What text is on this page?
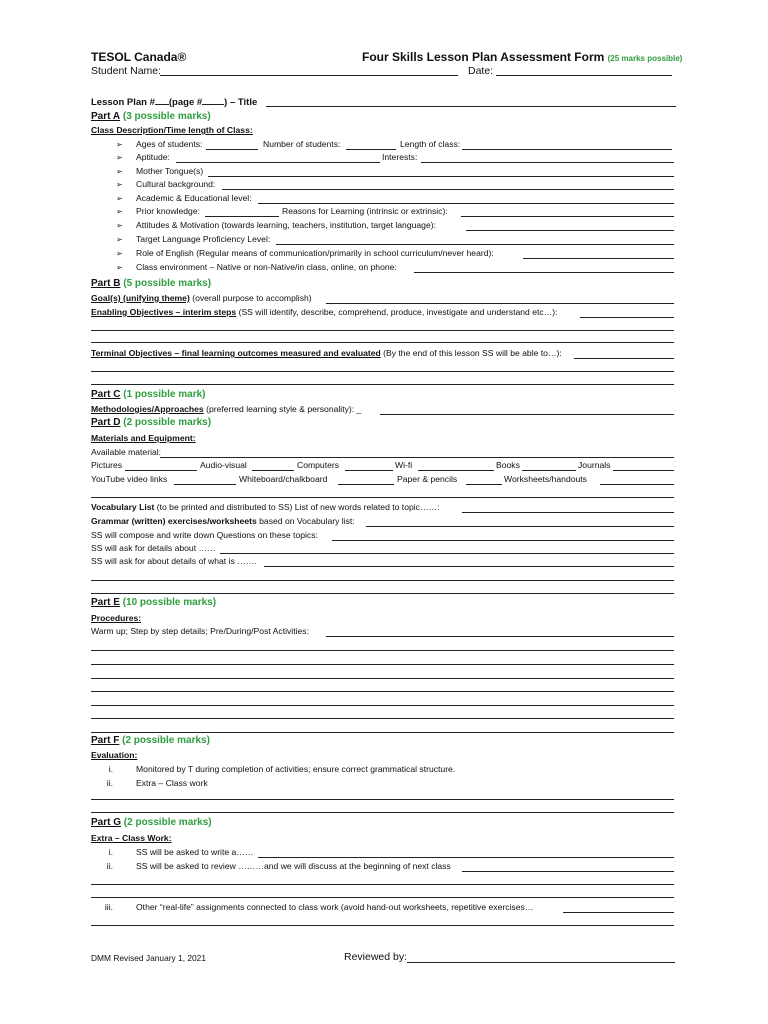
TESOL Canada®	Four Skills Lesson Plan Assessment Form (25 marks possible)
Student Name:	Date:
Lesson Plan # (page # ) – Title
Part A (3 possible marks)
Class Description/Time length of Class:
➢ Ages of students:	Number of students:	Length of class:
➢ Aptitude:	Interests:
➢ Mother Tongue(s)
➢ Cultural background:
➢ Academic & Educational level:
➢ Prior knowledge:	Reasons for Learning (intrinsic or extrinsic):
➢ Attitudes & Motivation (towards learning, teachers, institution, target language):
➢ Target Language Proficiency Level:
➢ Role of English (Regular means of communication/primarily in school curriculum/never heard):
➢ Class environment – Native or non-Native/in class, online, on phone:
Part B (5 possible marks)
Goal(s) (unifying theme) (overall purpose to accomplish)
Enabling Objectives – interim steps (SS will identify, describe, comprehend, produce, investigate and understand etc…):
Terminal Objectives – final learning outcomes measured and evaluated (By the end of this lesson SS will be able to…):
Part C (1 possible mark)
Methodologies/Approaches (preferred learning style & personality): _
Part D (2 possible marks)
Materials and Equipment:
Available material:
Pictures	Audio-visual	Computers	Wi-fi	Books	Journals
YouTube video links	Whiteboard/chalkboard	Paper & pencils	Worksheets/handouts
Vocabulary List (to be printed and distributed to SS) List of new words related to topic……:
Grammar (written) exercises/worksheets based on Vocabulary list:
SS will compose and write down Questions on these topics:
SS will ask for details about ……
SS will ask for about details of what is …….
Part E (10 possible marks)
Procedures:
Warm up; Step by step details; Pre/During/Post Activities:
Part F (2 possible marks)
Evaluation:
i.	Monitored by T during completion of activities; ensure correct grammatical structure.
ii.	Extra – Class work
Part G (2 possible marks)
Extra – Class Work:
i.	SS will be asked to write a……
ii.	SS will be asked to review ………and we will discuss at the beginning of next class
iii.	Other “real-life” assignments connected to class work (avoid hand-out worksheets, repetitive exercises…
DMM Revised January 1, 2021	Reviewed by:
